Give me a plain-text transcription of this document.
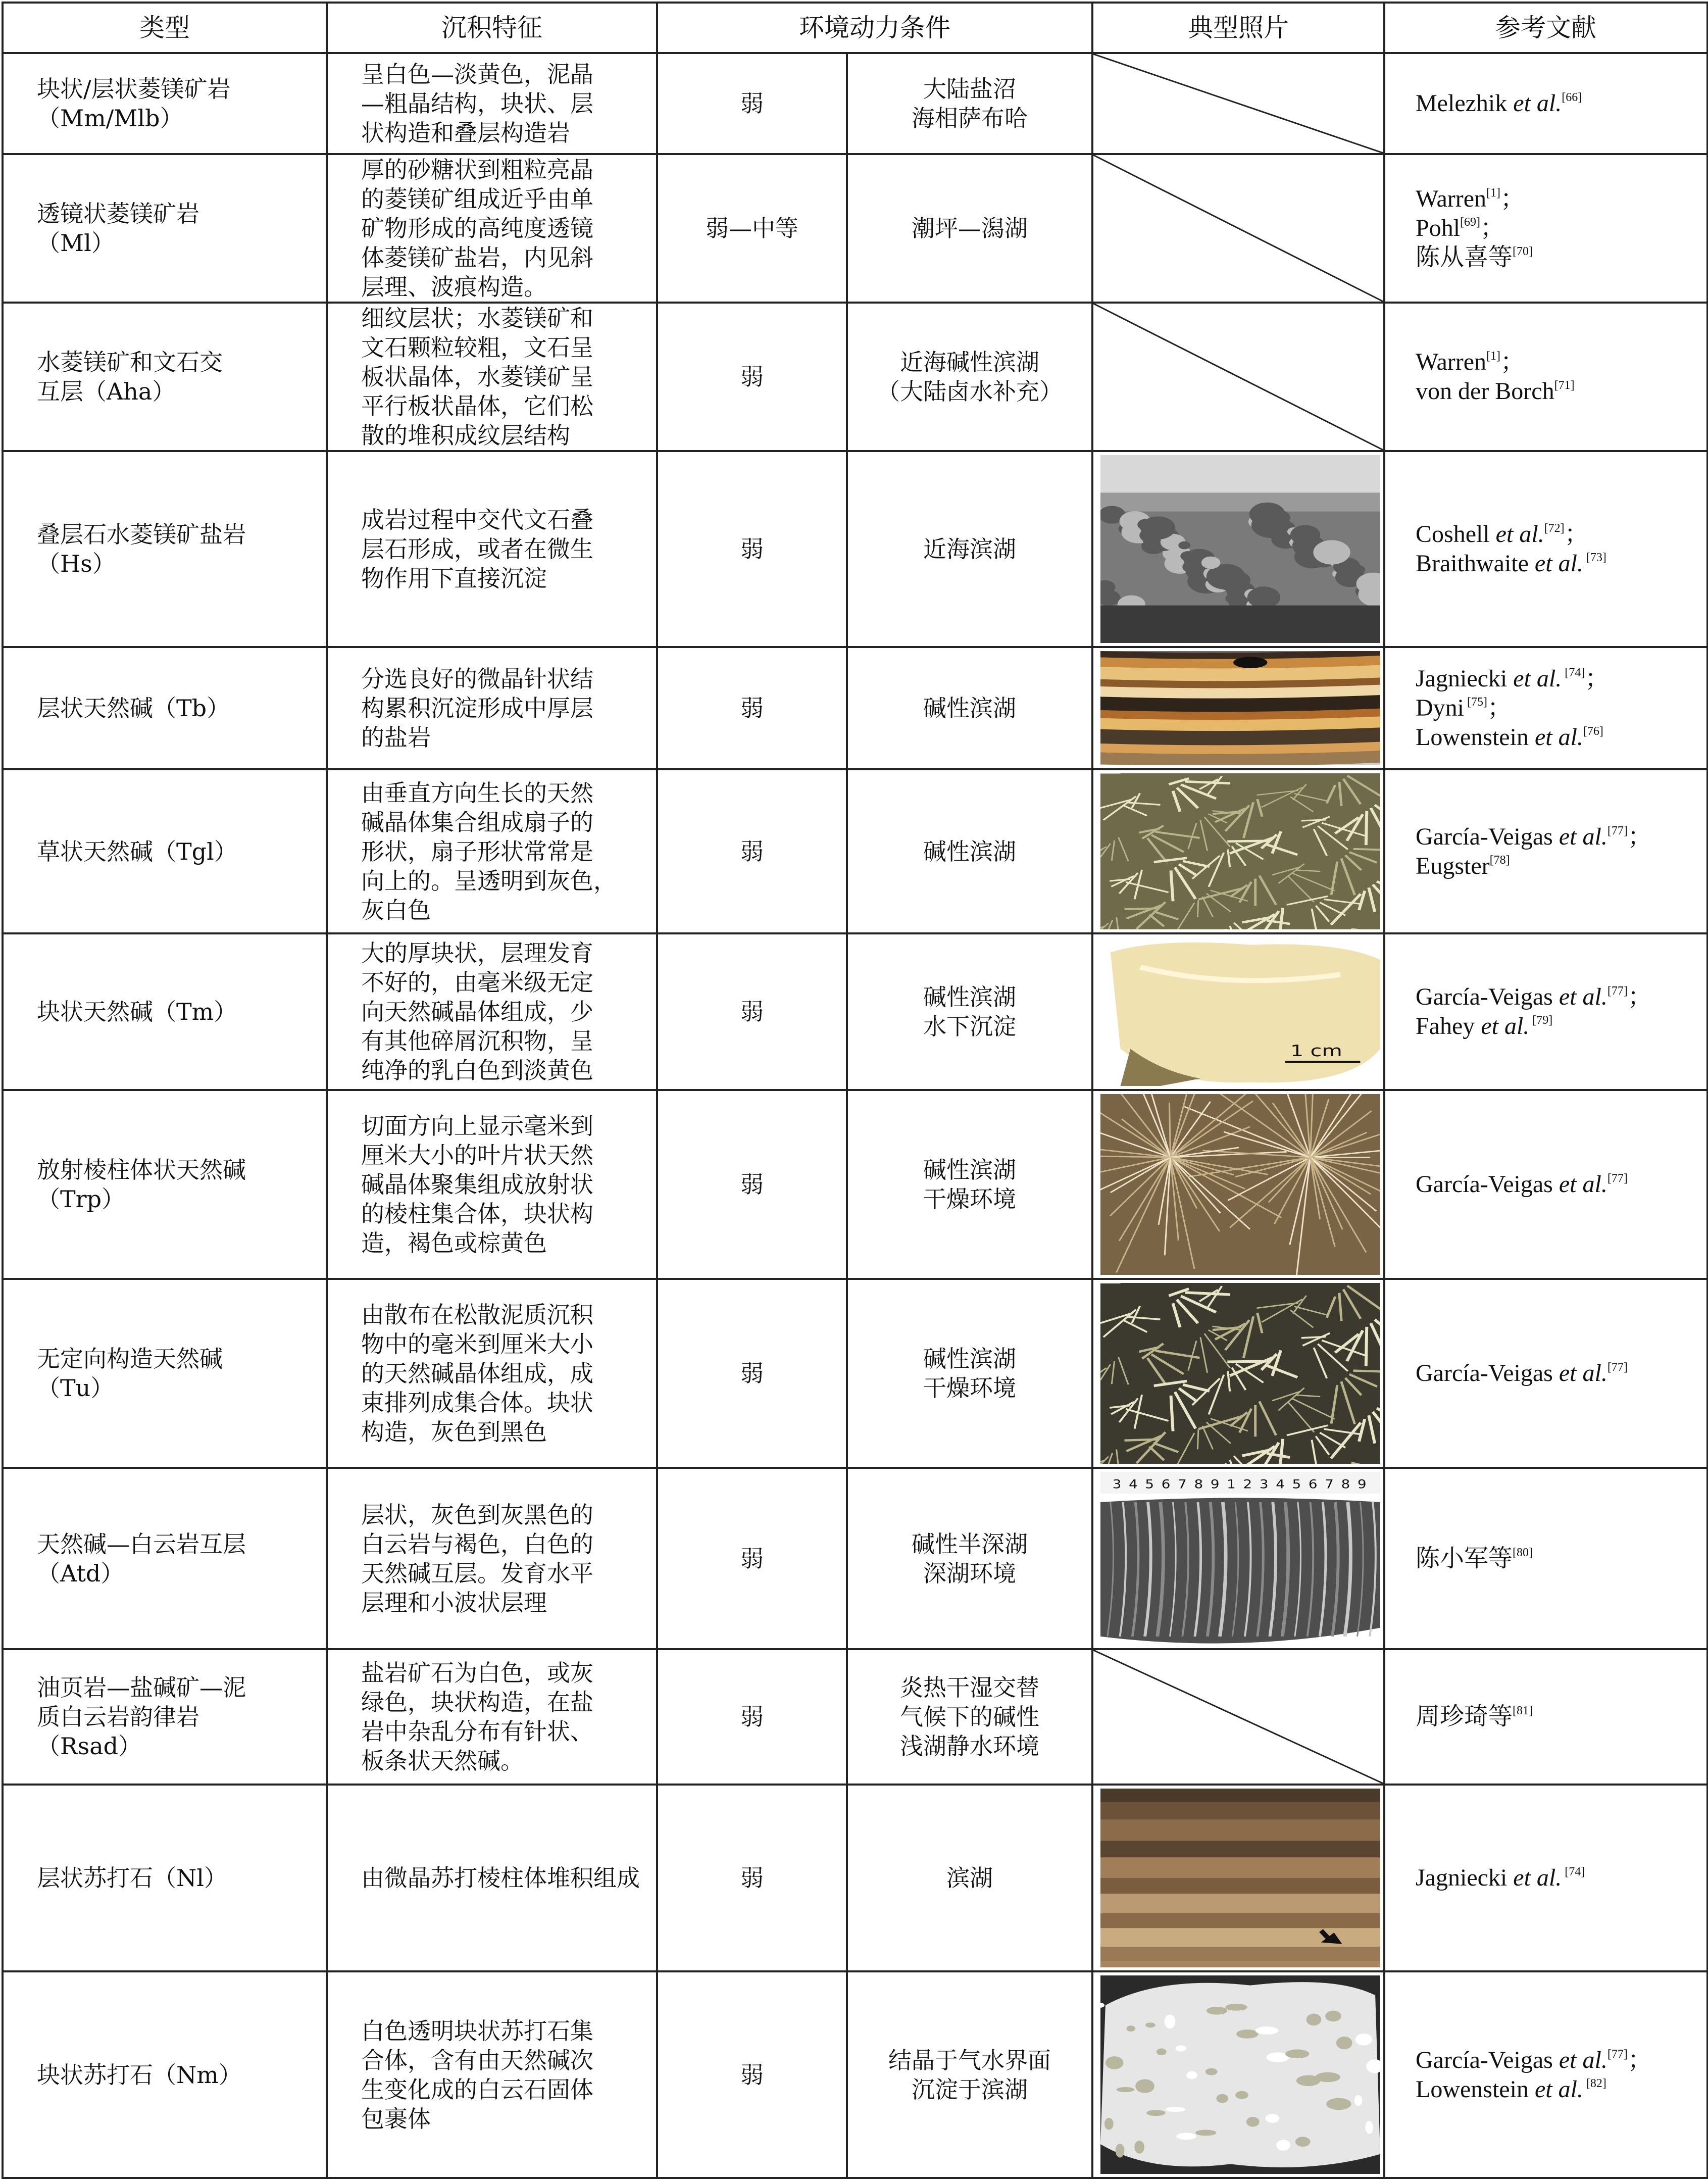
类型	沉积特征	环境动力条件		典型照片	参考文献

块状/层状菱镁矿岩
（Mm/Mlb）	呈白色—淡黄色，泥晶
—粗晶结构，块状、层
状构造和叠层构造岩	弱	大陆盐沼
海相萨布哈		Melezhik et al.[66]

透镜状菱镁矿岩
（Ml）	厚的砂糖状到粗粒亮晶
的菱镁矿组成近乎由单
矿物形成的高纯度透镜
体菱镁矿盐岩，内见斜
层理、波痕构造。	弱—中等	潮坪—潟湖		Warren[1]；
Pohl[69]；
陈从喜等[70]

水菱镁矿和文石交
互层（Aha）	细纹层状；水菱镁矿和
文石颗粒较粗，文石呈
板状晶体，水菱镁矿呈
平行板状晶体，它们松
散的堆积成纹层结构	弱	近海碱性滨湖
（大陆卤水补充）		Warren[1]；
von der Borch[71]

叠层石水菱镁矿盐岩
（Hs）	成岩过程中交代文石叠
层石形成，或者在微生
物作用下直接沉淀	弱	近海滨湖		Coshell et al.[72]；
Braithwaite et al. [73]

层状天然碱（Tb）	分选良好的微晶针状结
构累积沉淀形成中厚层
的盐岩	弱	碱性滨湖		Jagniecki et al. [74]；
Dyni [75]；
Lowenstein et al.[76]

草状天然碱（Tgl）	由垂直方向生长的天然
碱晶体集合组成扇子的
形状，扇子形状常常是
向上的。呈透明到灰色，
灰白色	弱	碱性滨湖		García-Veigas et al.[77]；
Eugster[78]

块状天然碱（Tm）	大的厚块状，层理发育
不好的，由毫米级无定
向天然碱晶体组成，少
有其他碎屑沉积物，呈
纯净的乳白色到淡黄色	弱	碱性滨湖
水下沉淀	1 cm	García-Veigas et al.[77]；
Fahey et al. [79]

放射棱柱体状天然碱
（Trp）	切面方向上显示毫米到
厘米大小的叶片状天然
碱晶体聚集组成放射状
的棱柱集合体，块状构
造，褐色或棕黄色	弱	碱性滨湖
干燥环境		García-Veigas et al.[77]

无定向构造天然碱
（Tu）	由散布在松散泥质沉积
物中的毫米到厘米大小
的天然碱晶体组成，成
束排列成集合体。块状
构造，灰色到黑色	弱	碱性滨湖
干燥环境		García-Veigas et al.[77]

天然碱—白云岩互层
（Atd）	层状，灰色到灰黑色的
白云岩与褐色，白色的
天然碱互层。发育水平
层理和小波状层理	弱	碱性半深湖
深湖环境	3 4 5 6 7 8 9 1 2 3 4 5 6 7 8 9	陈小军等[80]

油页岩—盐碱矿—泥
质白云岩韵律岩
（Rsad）	盐岩矿石为白色，或灰
绿色，块状构造，在盐
岩中杂乱分布有针状、
板条状天然碱。	弱	炎热干湿交替
气候下的碱性
浅湖静水环境		周珍琦等[81]

层状苏打石（Nl）	由微晶苏打棱柱体堆积组成	弱	滨湖		Jagniecki et al. [74]

块状苏打石（Nm）	白色透明块状苏打石集
合体，含有由天然碱次
生变化成的白云石固体
包裹体	弱	结晶于气水界面
沉淀于滨湖		García-Veigas et al.[77]；
Lowenstein et al. [82]
